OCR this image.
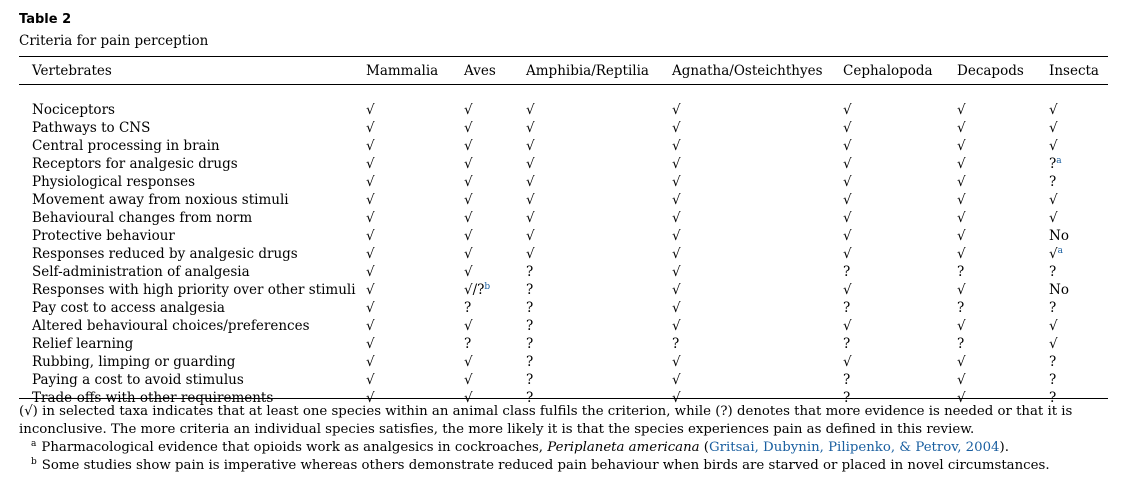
Table 2
Criteria for pain perception
Vertebrates	Mammalia	Aves	Amphibia/Reptilia	Agnatha/Osteichthyes	Cephalopoda	Decapods	Insecta

Nociceptors	√	√	√	√	√	√	√
Pathways to CNS	√	√	√	√	√	√	√
Central processing in brain	√	√	√	√	√	√	√
Receptors for analgesic drugs	√	√	√	√	√	√	?$^a$
Physiological responses	√	√	√	√	√	√	?
Movement away from noxious stimuli	√	√	√	√	√	√	√
Behavioural changes from norm	√	√	√	√	√	√	√
Protective behaviour	√	√	√	√	√	√	No
Responses reduced by analgesic drugs	√	√	√	√	√	√	√$^a$
Self-administration of analgesia	√	√	?	√	?	?	?
Responses with high priority over other stimuli	√	√/?$^b$	?	√	√	√	No
Pay cost to access analgesia	√	?	?	√	?	?	?
Altered behavioural choices/preferences	√	√	?	√	√	√	√
Relief learning	√	?	?	?	?	?	√
Rubbing, limping or guarding	√	√	?	√	√	√	?
Paying a cost to avoid stimulus	√	√	?	√	?	√	?
Trade-offs with other requirements	√	√	?	√	?	√	?

(√) in selected taxa indicates that at least one species within an animal class fulfils the criterion, while (?) denotes that more evidence is needed or that it is inconclusive. The more criteria an individual species satisfies, the more likely it is that the species experiences pain as defined in this review.

$^a$ Pharmacological evidence that opioids work as analgesics in cockroaches, Periplaneta americana (Gritsai, Dubynin, Pilipenko, & Petrov, 2004).

$^b$ Some studies show pain is imperative whereas others demonstrate reduced pain behaviour when birds are starved or placed in novel circumstances.
